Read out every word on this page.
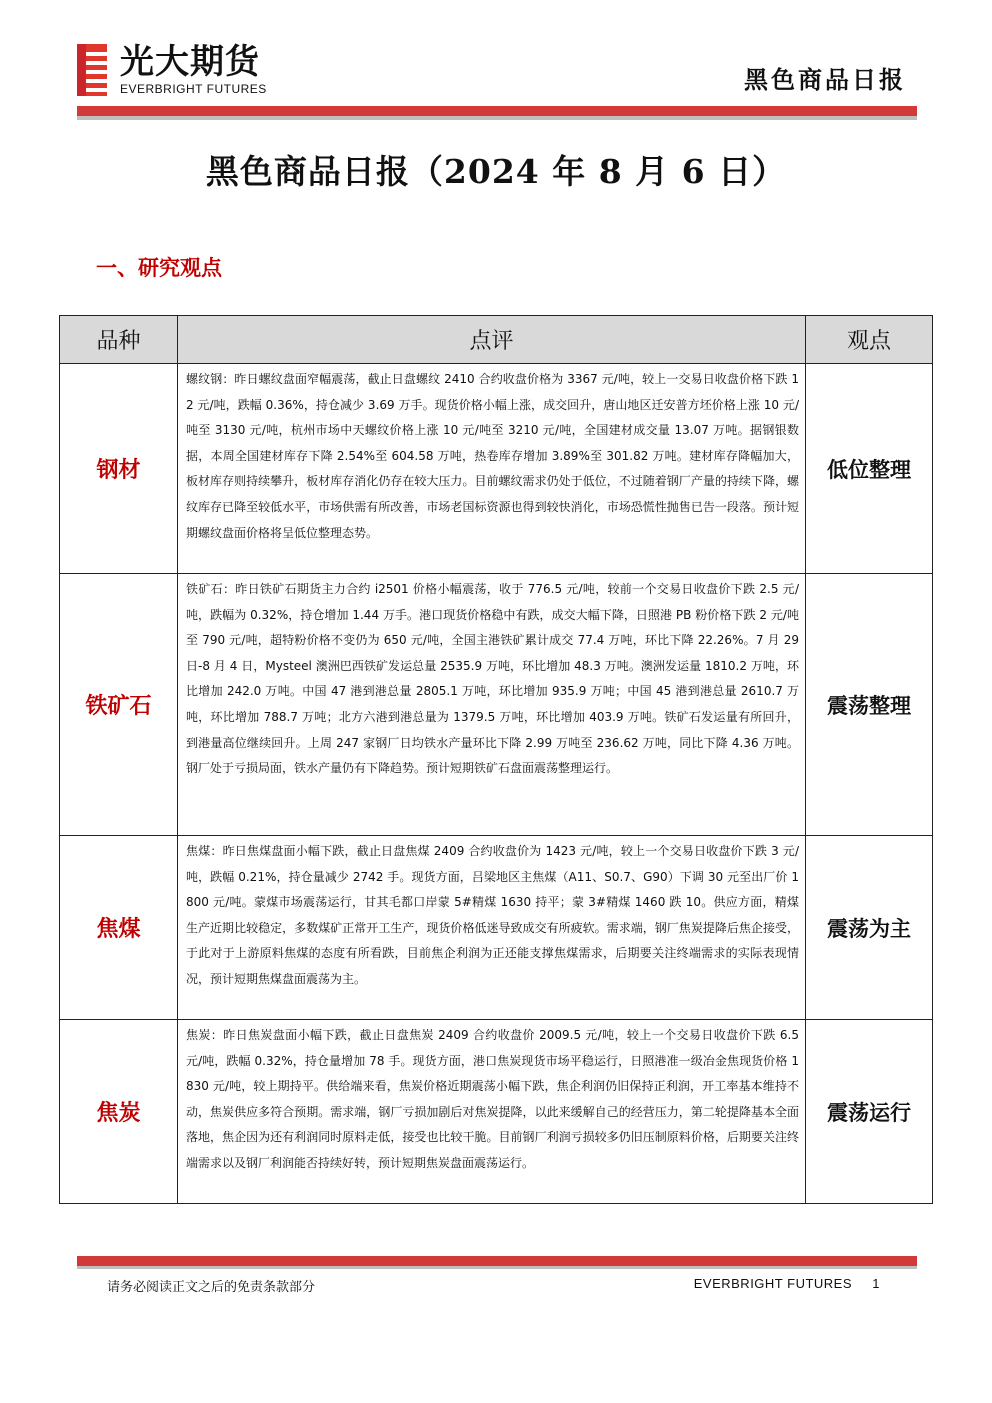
光大期货
EVERBRIGHT FUTURES	黑色商品日报
黑色商品日报（2024 年 8 月 6 日）
一、研究观点
品种	点评	观点
钢材	螺纹钢：昨日螺纹盘面窄幅震荡，截止日盘螺纹 2410 合约收盘价格为 3367 元/吨，较上一交易日收盘价格下跌 12 元/吨，跌幅 0.36%，持仓减少 3.69 万手。现货价格小幅上涨，成交回升，唐山地区迁安普方坯价格上涨 10 元/吨至 3130 元/吨，杭州市场中天螺纹价格上涨 10 元/吨至 3210 元/吨，全国建材成交量 13.07 万吨。据钢银数据，本周全国建材库存下降 2.54%至 604.58 万吨，热卷库存增加 3.89%至 301.82 万吨。建材库存降幅加大，板材库存则持续攀升，板材库存消化仍存在较大压力。目前螺纹需求仍处于低位，不过随着钢厂产量的持续下降，螺纹库存已降至较低水平，市场供需有所改善，市场老国标资源也得到较快消化，市场恐慌性抛售已告一段落。预计短期螺纹盘面价格将呈低位整理态势。	低位整理
铁矿石	铁矿石：昨日铁矿石期货主力合约 i2501 价格小幅震荡，收于 776.5 元/吨，较前一个交易日收盘价下跌 2.5 元/吨，跌幅为 0.32%，持仓增加 1.44 万手。港口现货价格稳中有跌，成交大幅下降，日照港 PB 粉价格下跌 2 元/吨至 790 元/吨，超特粉价格不变仍为 650 元/吨，全国主港铁矿累计成交 77.4 万吨，环比下降 22.26%。7 月 29 日-8 月 4 日，Mysteel 澳洲巴西铁矿发运总量 2535.9 万吨，环比增加 48.3 万吨。澳洲发运量 1810.2 万吨，环比增加 242.0 万吨。中国 47 港到港总量 2805.1 万吨，环比增加 935.9 万吨；中国 45 港到港总量 2610.7 万吨，环比增加 788.7 万吨；北方六港到港总量为 1379.5 万吨，环比增加 403.9 万吨。铁矿石发运量有所回升，到港量高位继续回升。上周 247 家钢厂日均铁水产量环比下降 2.99 万吨至 236.62 万吨，同比下降 4.36 万吨。钢厂处于亏损局面，铁水产量仍有下降趋势。预计短期铁矿石盘面震荡整理运行。	震荡整理
焦煤	焦煤：昨日焦煤盘面小幅下跌，截止日盘焦煤 2409 合约收盘价为 1423 元/吨，较上一个交易日收盘价下跌 3 元/吨，跌幅 0.21%，持仓量减少 2742 手。现货方面，吕梁地区主焦煤（A11、S0.7、G90）下调 30 元至出厂价 1800 元/吨。蒙煤市场震荡运行，甘其毛都口岸蒙 5#精煤 1630 持平；蒙 3#精煤 1460 跌 10。供应方面，精煤生产近期比较稳定，多数煤矿正常开工生产，现货价格低迷导致成交有所疲软。需求端，钢厂焦炭提降后焦企接受，于此对于上游原料焦煤的态度有所看跌，目前焦企利润为正还能支撑焦煤需求，后期要关注终端需求的实际表现情况，预计短期焦煤盘面震荡为主。	震荡为主
焦炭	焦炭：昨日焦炭盘面小幅下跌，截止日盘焦炭 2409 合约收盘价 2009.5 元/吨，较上一个交易日收盘价下跌 6.5 元/吨，跌幅 0.32%，持仓量增加 78 手。现货方面，港口焦炭现货市场平稳运行，日照港准一级冶金焦现货价格 1830 元/吨，较上期持平。供给端来看，焦炭价格近期震荡小幅下跌，焦企利润仍旧保持正利润，开工率基本维持不动，焦炭供应多符合预期。需求端，钢厂亏损加剧后对焦炭提降，以此来缓解自己的经营压力，第二轮提降基本全面落地，焦企因为还有利润同时原料走低，接受也比较干脆。目前钢厂利润亏损较多仍旧压制原料价格，后期要关注终端需求以及钢厂利润能否持续好转，预计短期焦炭盘面震荡运行。	震荡运行
请务必阅读正文之后的免责条款部分	EVERBRIGHT FUTURES 1
